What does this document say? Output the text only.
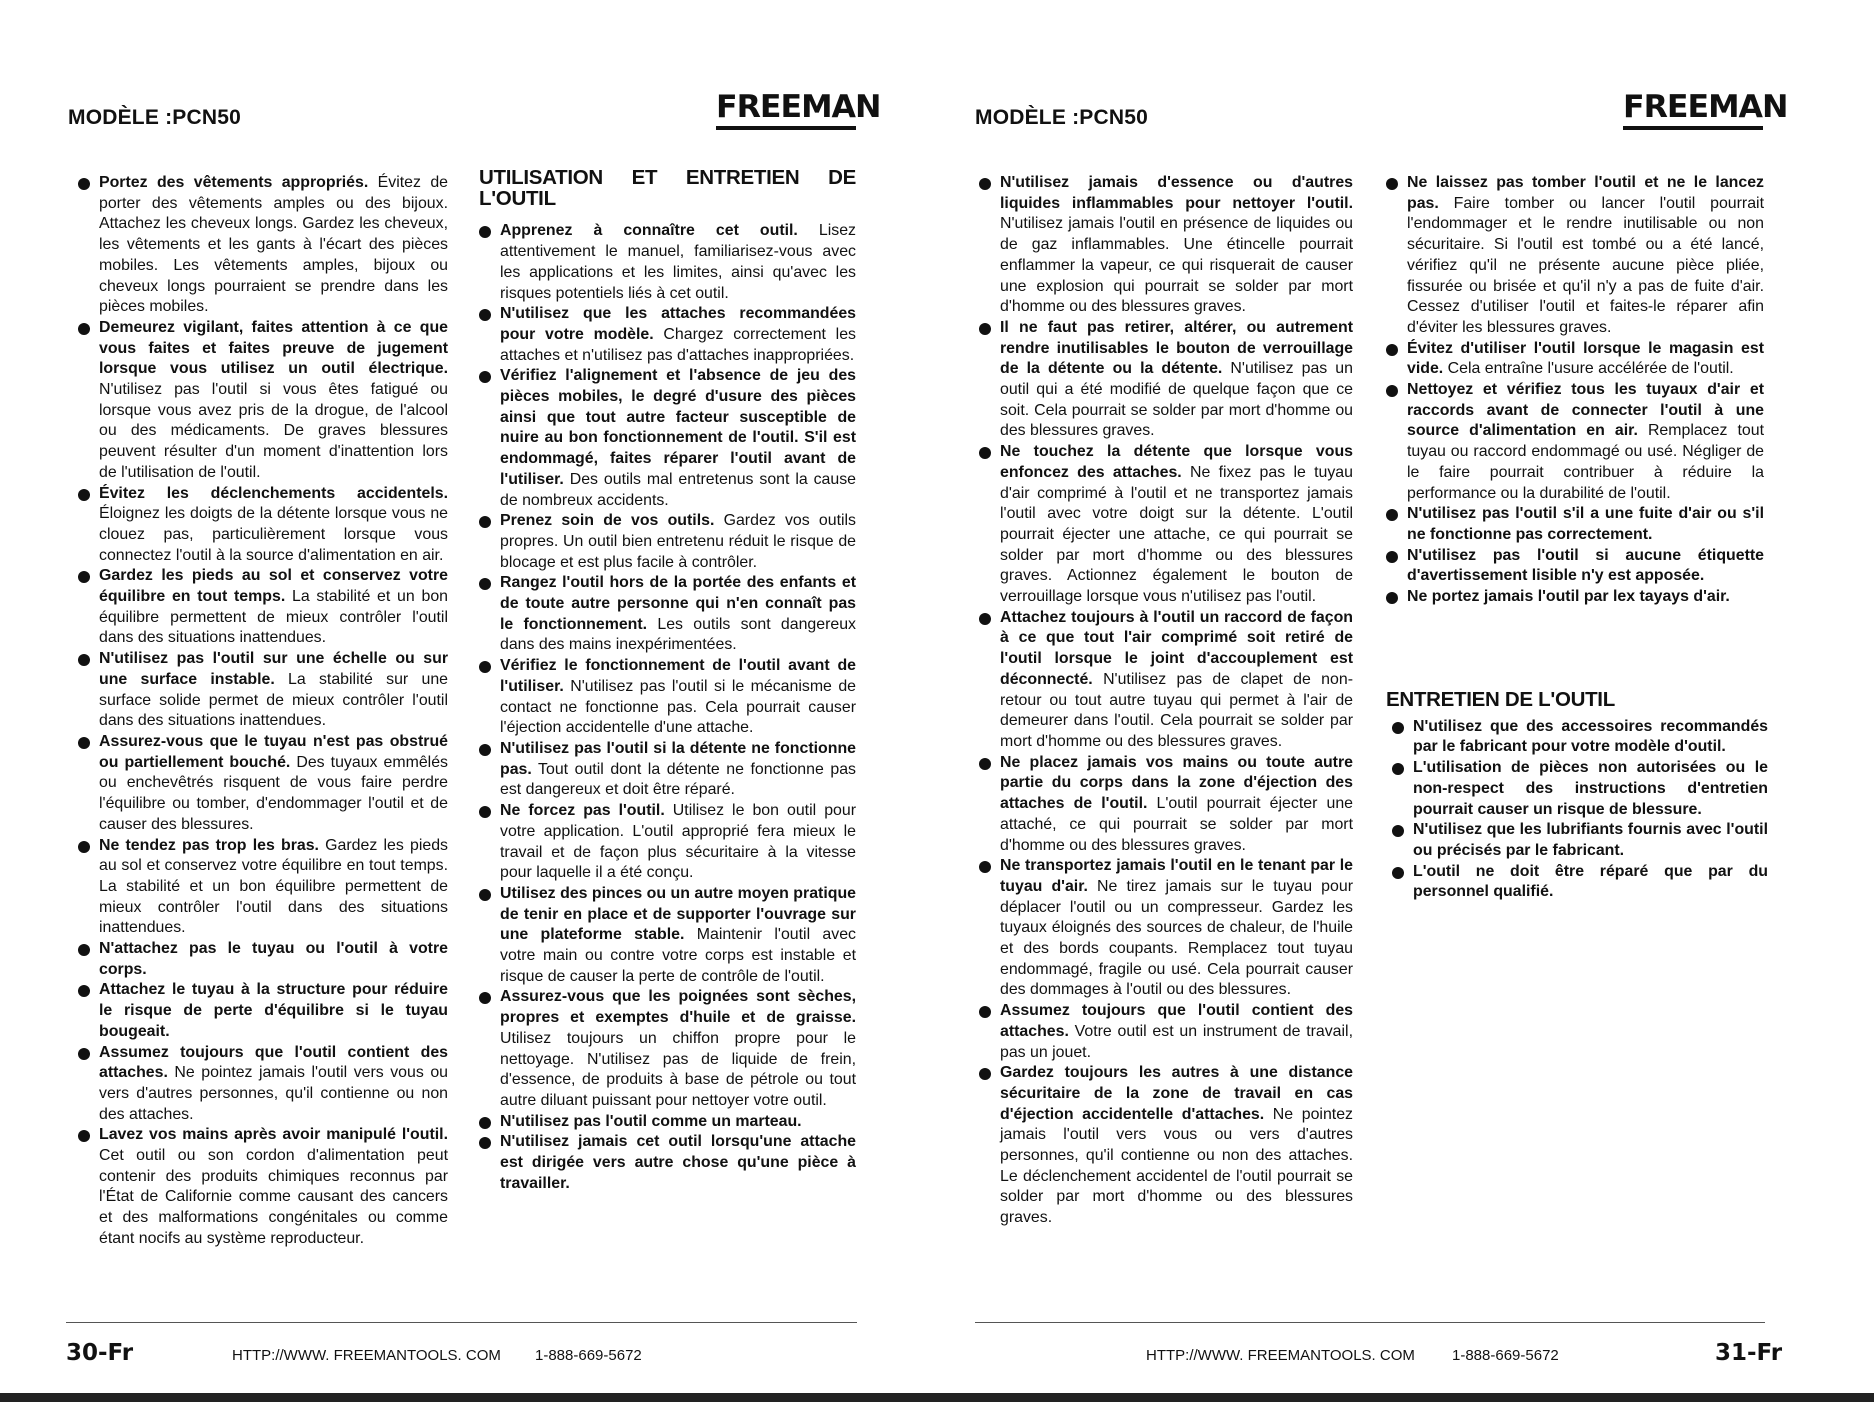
MODÈLE :PCN50	FREEMAN
Portez des vêtements appropriés. Évitez de porter des vêtements amples ou des bijoux. Attachez les cheveux longs. Gardez les cheveux, les vêtements et les gants à l'écart des pièces mobiles. Les vêtements amples, bijoux ou cheveux longs pourraient se prendre dans les pièces mobiles.
Demeurez vigilant, faites attention à ce que vous faites et faites preuve de jugement lorsque vous utilisez un outil électrique. N'utilisez pas l'outil si vous êtes fatigué ou lorsque vous avez pris de la drogue, de l'alcool ou des médicaments. De graves blessures peuvent résulter d'un moment d'inattention lors de l'utilisation de l'outil.
Évitez les déclenchements accidentels. Éloignez les doigts de la détente lorsque vous ne clouez pas, particulièrement lorsque vous connectez l'outil à la source d'alimentation en air.
Gardez les pieds au sol et conservez votre équilibre en tout temps. La stabilité et un bon équilibre permettent de mieux contrôler l'outil dans des situations inattendues.
N'utilisez pas l'outil sur une échelle ou sur une surface instable. La stabilité sur une surface solide permet de mieux contrôler l'outil dans des situations inattendues.
Assurez-vous que le tuyau n'est pas obstrué ou partiellement bouché. Des tuyaux emmêlés ou enchevêtrés risquent de vous faire perdre l'équilibre ou tomber, d'endommager l'outil et de causer des blessures.
Ne tendez pas trop les bras. Gardez les pieds au sol et conservez votre équilibre en tout temps. La stabilité et un bon équilibre permettent de mieux contrôler l'outil dans des situations inattendues.
N'attachez pas le tuyau ou l'outil à votre corps.
Attachez le tuyau à la structure pour réduire le risque de perte d'équilibre si le tuyau bougeait.
Assumez toujours que l'outil contient des attaches. Ne pointez jamais l'outil vers vous ou vers d'autres personnes, qu'il contienne ou non des attaches.
Lavez vos mains après avoir manipulé l'outil. Cet outil ou son cordon d'alimentation peut contenir des produits chimiques reconnus par l'État de Californie comme causant des cancers et des malformations congénitales ou comme étant nocifs au système reproducteur.
UTILISATION ET ENTRETIEN DE L'OUTIL
Apprenez à connaître cet outil. Lisez attentivement le manuel, familiarisez-vous avec les applications et les limites, ainsi qu'avec les risques potentiels liés à cet outil.
N'utilisez que les attaches recommandées pour votre modèle. Chargez correctement les attaches et n'utilisez pas d'attaches inappropriées.
Vérifiez l'alignement et l'absence de jeu des pièces mobiles, le degré d'usure des pièces ainsi que tout autre facteur susceptible de nuire au bon fonctionnement de l'outil. S'il est endommagé, faites réparer l'outil avant de l'utiliser. Des outils mal entretenus sont la cause de nombreux accidents.
Prenez soin de vos outils. Gardez vos outils propres. Un outil bien entretenu réduit le risque de blocage et est plus facile à contrôler.
Rangez l'outil hors de la portée des enfants et de toute autre personne qui n'en connaît pas le fonctionnement. Les outils sont dangereux dans des mains inexpérimentées.
Vérifiez le fonctionnement de l'outil avant de l'utiliser. N'utilisez pas l'outil si le mécanisme de contact ne fonctionne pas. Cela pourrait causer l'éjection accidentelle d'une attache.
N'utilisez pas l'outil si la détente ne fonctionne pas. Tout outil dont la détente ne fonctionne pas est dangereux et doit être réparé.
Ne forcez pas l'outil. Utilisez le bon outil pour votre application. L'outil approprié fera mieux le travail et de façon plus sécuritaire à la vitesse pour laquelle il a été conçu.
Utilisez des pinces ou un autre moyen pratique de tenir en place et de supporter l'ouvrage sur une plateforme stable. Maintenir l'outil avec votre main ou contre votre corps est instable et risque de causer la perte de contrôle de l'outil.
Assurez-vous que les poignées sont sèches, propres et exemptes d'huile et de graisse. Utilisez toujours un chiffon propre pour le nettoyage. N'utilisez pas de liquide de frein, d'essence, de produits à base de pétrole ou tout autre diluant puissant pour nettoyer votre outil.
N'utilisez pas l'outil comme un marteau.
N'utilisez jamais cet outil lorsqu'une attache est dirigée vers autre chose qu'une pièce à travailler.
30-Fr	HTTP://WWW. FREEMANTOOLS. COM 1-888-669-5672
MODÈLE :PCN50	FREEMAN
N'utilisez jamais d'essence ou d'autres liquides inflammables pour nettoyer l'outil. N'utilisez jamais l'outil en présence de liquides ou de gaz inflammables. Une étincelle pourrait enflammer la vapeur, ce qui risquerait de causer une explosion qui pourrait se solder par mort d'homme ou des blessures graves.
Il ne faut pas retirer, altérer, ou autrement rendre inutilisables le bouton de verrouillage de la détente ou la détente. N'utilisez pas un outil qui a été modifié de quelque façon que ce soit. Cela pourrait se solder par mort d'homme ou des blessures graves.
Ne touchez la détente que lorsque vous enfoncez des attaches. Ne fixez pas le tuyau d'air comprimé à l'outil et ne transportez jamais l'outil avec votre doigt sur la détente. L'outil pourrait éjecter une attache, ce qui pourrait se solder par mort d'homme ou des blessures graves. Actionnez également le bouton de verrouillage lorsque vous n'utilisez pas l'outil.
Attachez toujours à l'outil un raccord de façon à ce que tout l'air comprimé soit retiré de l'outil lorsque le joint d'accouplement est déconnecté. N'utilisez pas de clapet de non-retour ou tout autre tuyau qui permet à l'air de demeurer dans l'outil. Cela pourrait se solder par mort d'homme ou des blessures graves.
Ne placez jamais vos mains ou toute autre partie du corps dans la zone d'éjection des attaches de l'outil. L'outil pourrait éjecter une attaché, ce qui pourrait se solder par mort d'homme ou des blessures graves.
Ne transportez jamais l'outil en le tenant par le tuyau d'air. Ne tirez jamais sur le tuyau pour déplacer l'outil ou un compresseur. Gardez les tuyaux éloignés des sources de chaleur, de l'huile et des bords coupants. Remplacez tout tuyau endommagé, fragile ou usé. Cela pourrait causer des dommages à l'outil ou des blessures.
Assumez toujours que l'outil contient des attaches. Votre outil est un instrument de travail, pas un jouet.
Gardez toujours les autres à une distance sécuritaire de la zone de travail en cas d'éjection accidentelle d'attaches. Ne pointez jamais l'outil vers vous ou vers d'autres personnes, qu'il contienne ou non des attaches. Le déclenchement accidentel de l'outil pourrait se solder par mort d'homme ou des blessures graves.
Ne laissez pas tomber l'outil et ne le lancez pas. Faire tomber ou lancer l'outil pourrait l'endommager et le rendre inutilisable ou non sécuritaire. Si l'outil est tombé ou a été lancé, vérifiez qu'il ne présente aucune pièce pliée, fissurée ou brisée et qu'il n'y a pas de fuite d'air. Cessez d'utiliser l'outil et faites-le réparer afin d'éviter les blessures graves.
Évitez d'utiliser l'outil lorsque le magasin est vide. Cela entraîne l'usure accélérée de l'outil.
Nettoyez et vérifiez tous les tuyaux d'air et raccords avant de connecter l'outil à une source d'alimentation en air. Remplacez tout tuyau ou raccord endommagé ou usé. Négliger de le faire pourrait contribuer à réduire la performance ou la durabilité de l'outil.
N'utilisez pas l'outil s'il a une fuite d'air ou s'il ne fonctionne pas correctement.
N'utilisez pas l'outil si aucune étiquette d'avertissement lisible n'y est apposée.
Ne portez jamais l'outil par lex tayays d'air.
ENTRETIEN DE L'OUTIL
N'utilisez que des accessoires recommandés par le fabricant pour votre modèle d'outil.
L'utilisation de pièces non autorisées ou le non-respect des instructions d'entretien pourrait causer un risque de blessure.
N'utilisez que les lubrifiants fournis avec l'outil ou précisés par le fabricant.
L'outil ne doit être réparé que par du personnel qualifié.
HTTP://WWW. FREEMANTOOLS. COM 1-888-669-5672	31-Fr
